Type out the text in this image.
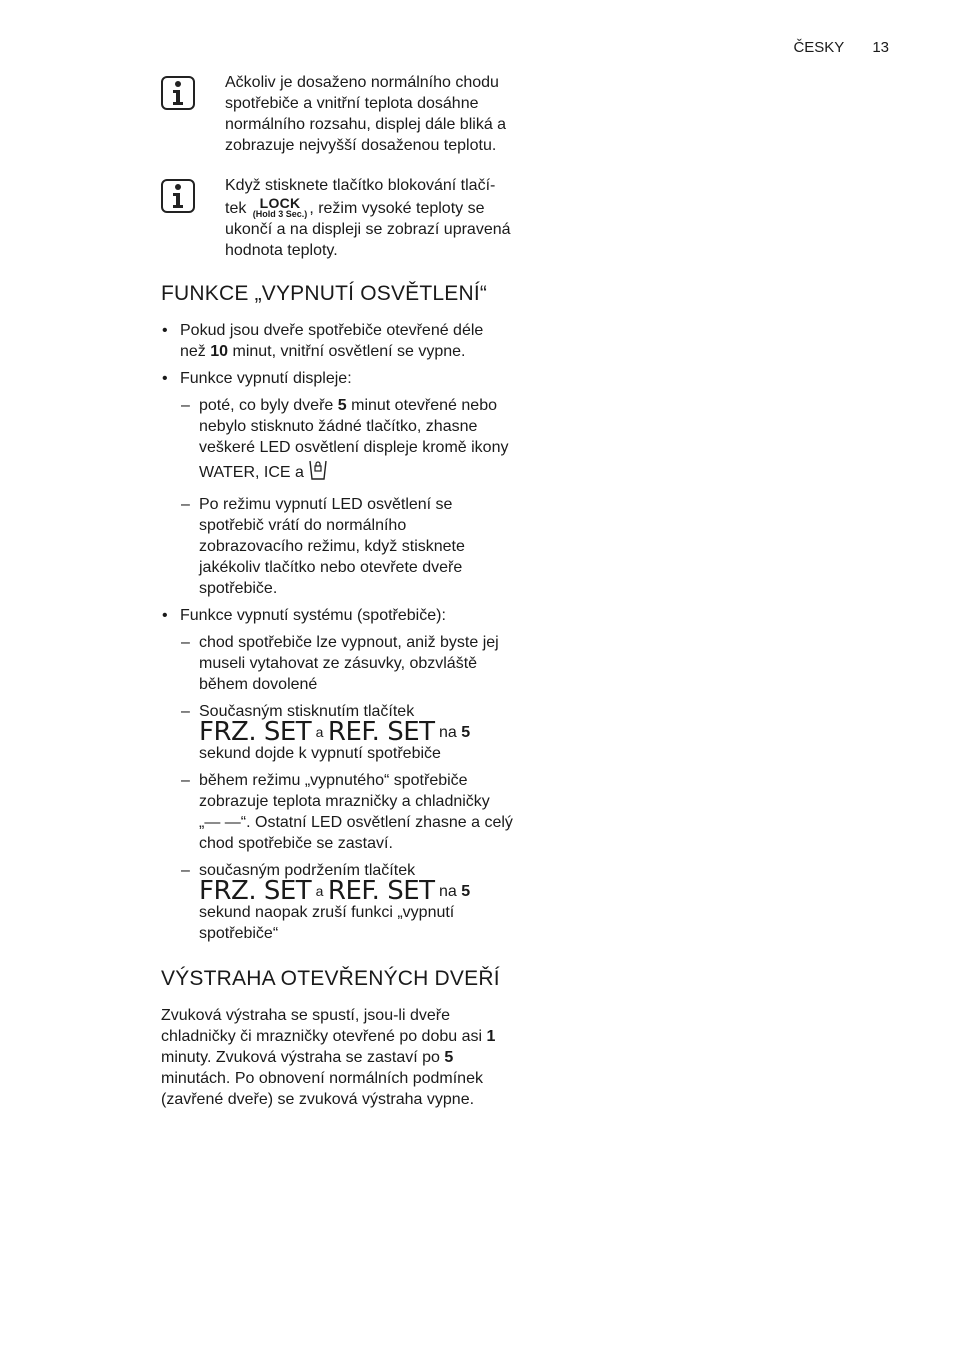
ČESKY 13
Ačkoliv je dosaženo normálního chodu spotřebiče a vnitřní teplota dosáhne normálního rozsahu, displej dále bliká a zobrazuje nejvyšší dosaženou teplotu.
Když stisknete tlačítko blokování tlačí-tek LOCK
(Hold 3 Sec.) , režim vysoké teploty se ukončí a na displeji se zobrazí upravená hodnota teploty.
FUNKCE „VYPNUTÍ OSVĚTLENÍ“
• Pokud jsou dveře spotřebiče otevřené déle než 10 minut, vnitřní osvětlení se vypne.
• Funkce vypnutí displeje:
– poté, co byly dveře 5 minut otevřené nebo nebylo stisknuto žádné tlačítko, zhasne veškeré LED osvětlení displeje kromě ikony WATER, ICE a
– Po režimu vypnutí LED osvětlení se spotřebič vrátí do normálního zobrazovacího režimu, když stisknete jakékoliv tlačítko nebo otevřete dveře spotřebiče.
• Funkce vypnutí systému (spotřebiče):
– chod spotřebiče lze vypnout, aniž byste jej museli vytahovat ze zásuvky, obzvláště během dovolené
– Současným stisknutím tlačítek
FRZ. SET a REF. SET na 5 sekund dojde k vypnutí spotřebiče
– během režimu „vypnutého“ spotřebiče zobrazuje teplota mrazničky a chladničky „— —“. Ostatní LED osvětlení zhasne a celý chod spotřebiče se zastaví.
– současným podržením tlačítek
FRZ. SET a REF. SET na 5 sekund naopak zruší funkci „vypnutí spotřebiče“
VÝSTRAHA OTEVŘENÝCH DVEŘÍ

Zvuková výstraha se spustí, jsou-li dveře chladničky či mrazničky otevřené po dobu asi 1 minuty. Zvuková výstraha se zastaví po 5 minutách. Po obnovení normálních podmínek (zavřené dveře) se zvuková výstraha vypne.
